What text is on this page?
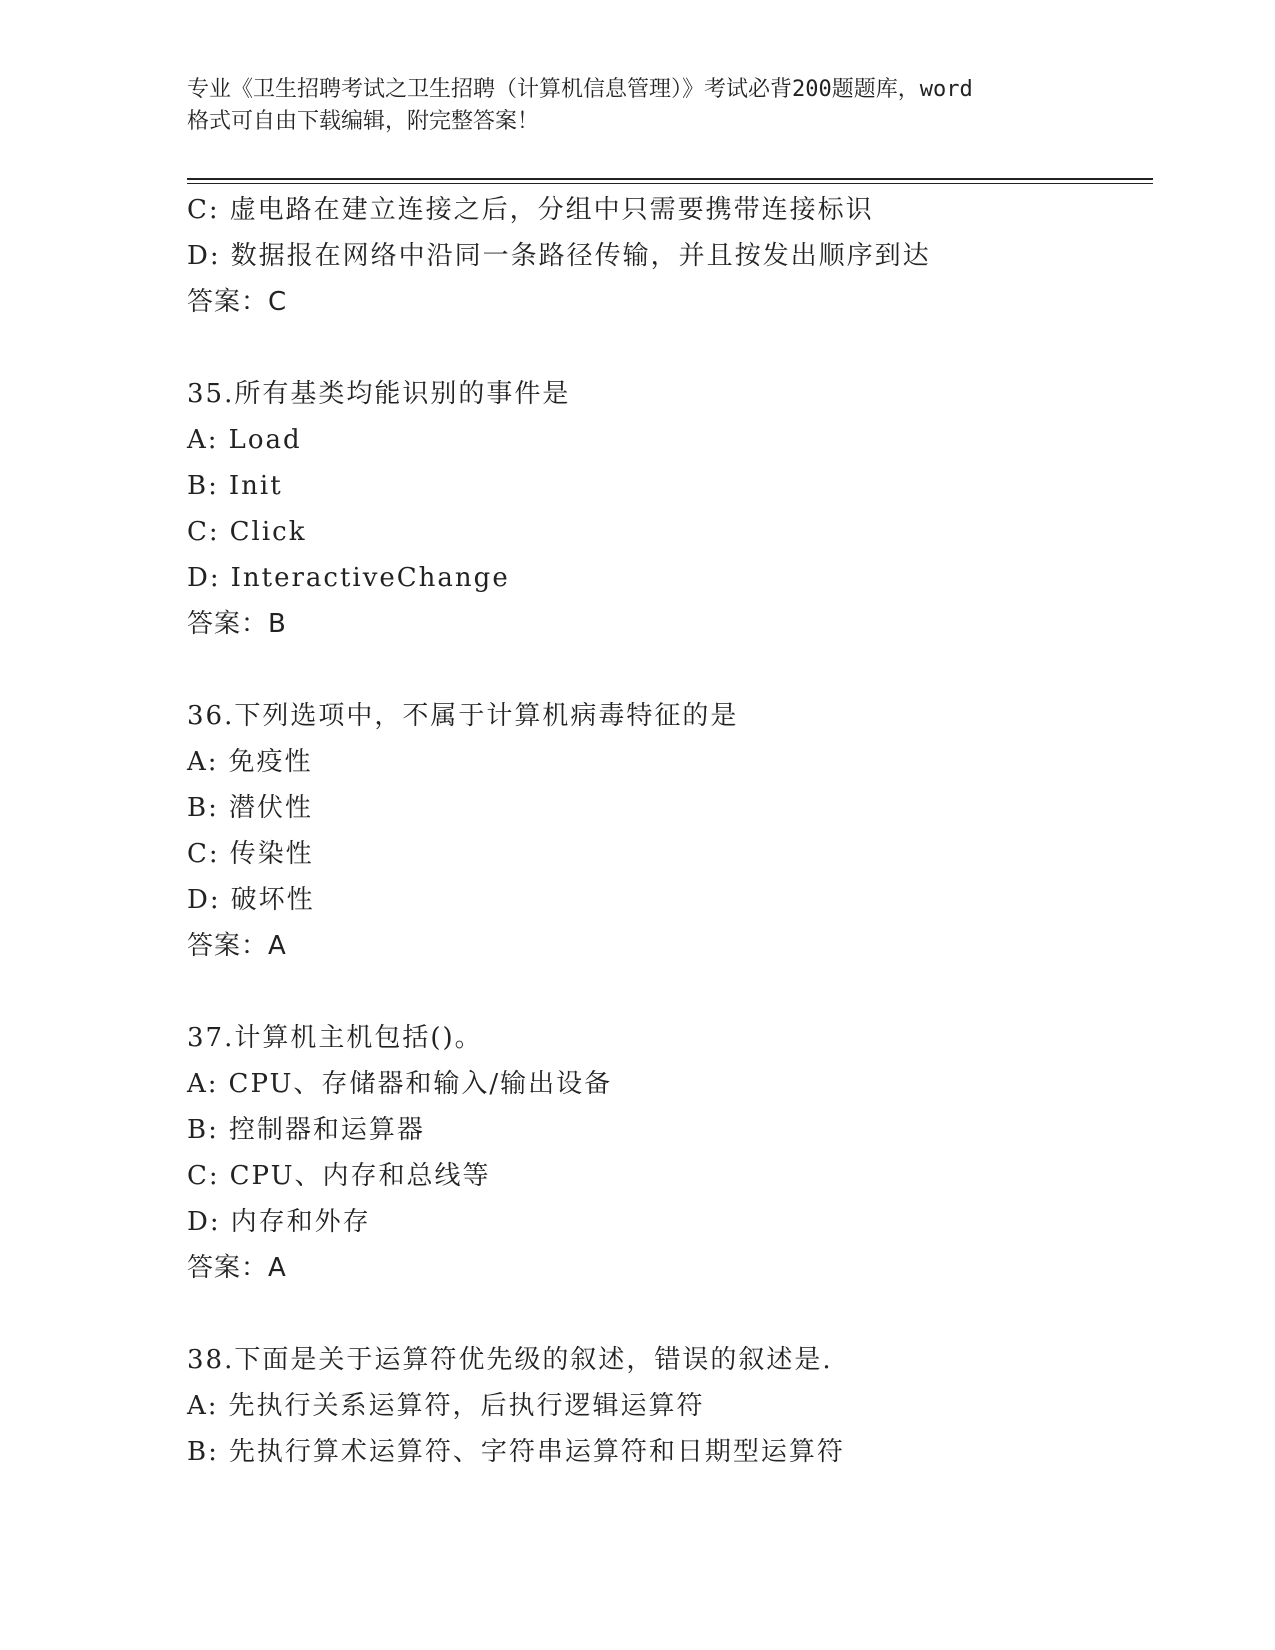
专业《卫生招聘考试之卫生招聘（计算机信息管理）》考试必背200题题库，word
格式可自由下载编辑，附完整答案！
C: 虚电路在建立连接之后，分组中只需要携带连接标识
D: 数据报在网络中沿同一条路径传输，并且按发出顺序到达
答案：C
35.所有基类均能识别的事件是
A: Load
B: Init
C: Click
D: InteractiveChange
答案：B
36.下列选项中，不属于计算机病毒特征的是
A: 免疫性
B: 潜伏性
C: 传染性
D: 破坏性
答案：A
37.计算机主机包括()。
A: CPU、存储器和输入/输出设备
B: 控制器和运算器
C: CPU、内存和总线等
D: 内存和外存
答案：A
38.下面是关于运算符优先级的叙述，错误的叙述是.
A: 先执行关系运算符，后执行逻辑运算符
B: 先执行算术运算符、字符串运算符和日期型运算符
